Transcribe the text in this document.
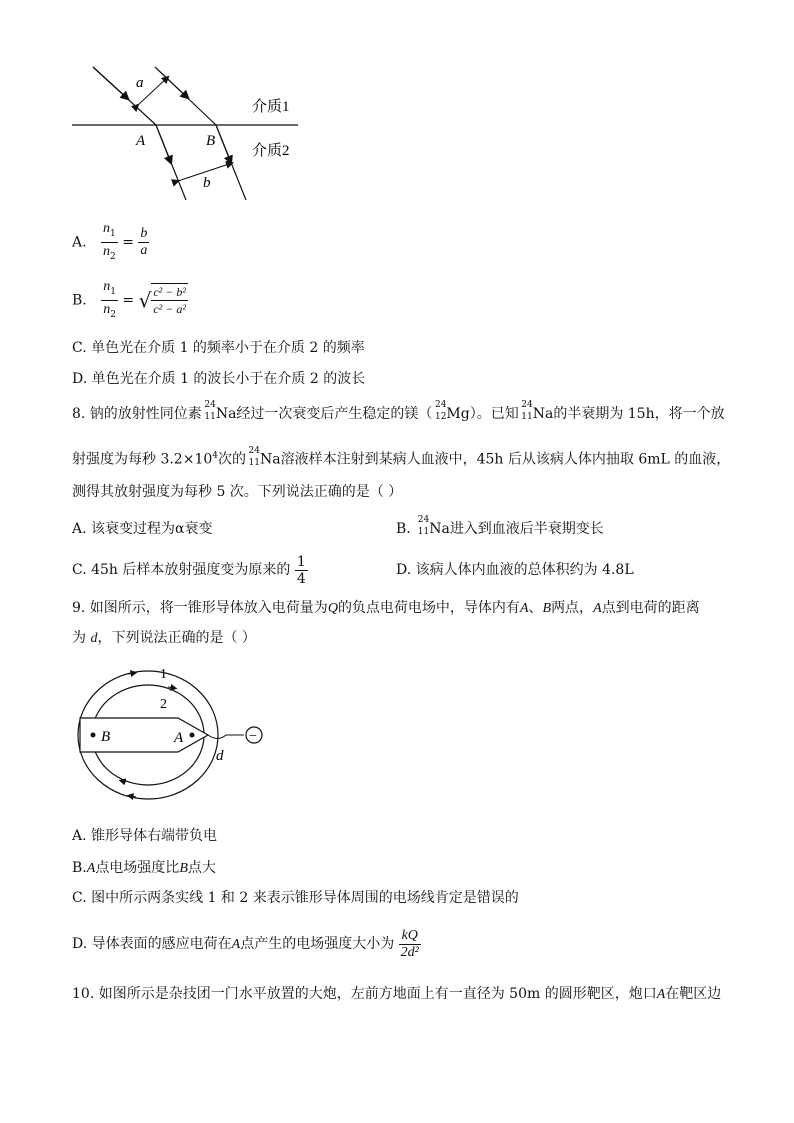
a
b
A	B
介质1
介质2
A. $\frac{n_1}{n_2} = \frac{b}{a}$
B. $\frac{n_1}{n_2}$ = √ $\frac{\text{c² − b²}}{\text{c² − a²}}$
C. 单色光在介质 1 的频率小于在介质 2 的频率
D. 单色光在介质 1 的波长小于在介质 2 的波长
8. 钠的放射性同位素
24
11 Na经过一次衰变后产生稳定的镁（
24
12 Mg）。已知
24
11 Na的半衰期为 15h，将一个放
射强度为每秒 $3.2\times 10^4$次的
24
11 Na溶液样本注射到某病人血液中，45h 后从该病人体内抽取 6mL 的血液，
测得其放射强度为每秒 5 次。下列说法正确的是（ ）
A. 该衰变过程为α衰变	B.
24
11 Na进入到血液后半衰期变长
C. 45h 后样本放射强度变为原来的 $\frac{1}{4}$	D. 该病人体内血液的总体积约为 4.8L
9. 如图所示，将一锥形导体放入电荷量为Q的负点电荷电场中，导体内有A、B两点，A点到电荷的距离
为 d，下列说法正确的是（ ）
B	A
1
2
d
−
A. 锥形导体右端带负电
B.A点电场强度比B点大
C. 图中所示两条实线 1 和 2 来表示锥形导体周围的电场线肯定是错误的
D. 导体表面的感应电荷在A点产生的电场强度大小为 $\frac{kQ}{\text{2d²}}$
10. 如图所示是杂技团一门水平放置的大炮，左前方地面上有一直径为 50m 的圆形靶区，炮口A在靶区边
